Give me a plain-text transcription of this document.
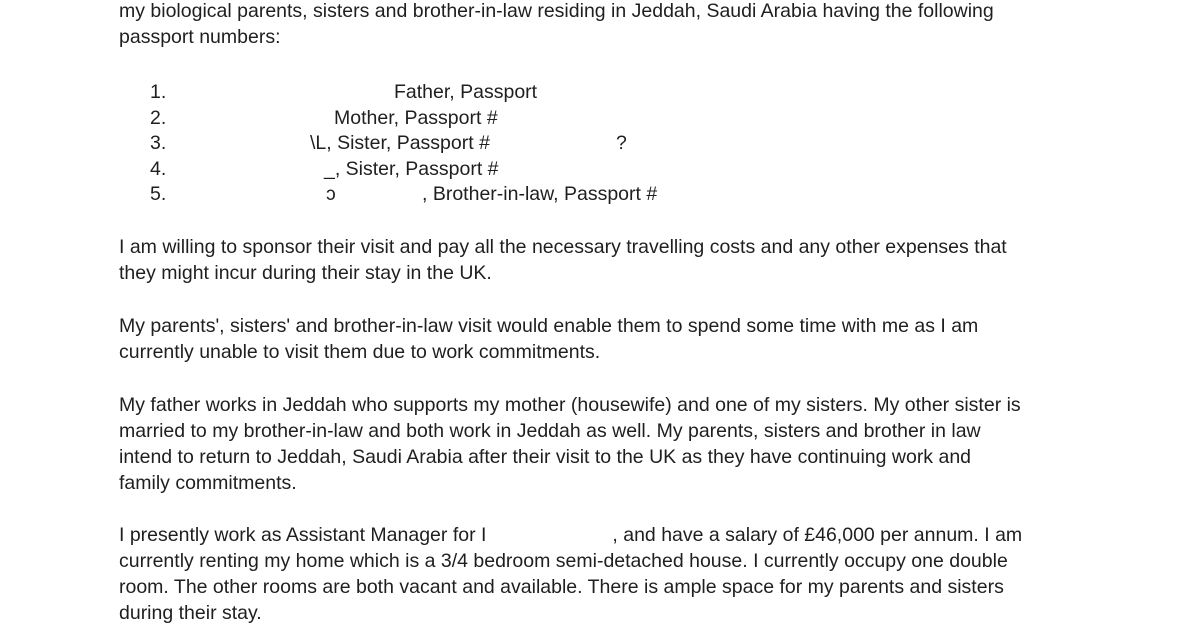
my biological parents, sisters and brother-in-law residing in Jeddah, Saudi Arabia having the following
passport numbers:
1.	Father, Passport
2.	Mother, Passport #
3.	\L, Sister, Passport #	?
4.	_, Sister, Passport #
5.	ɔ	, Brother-in-law, Passport #
I am willing to sponsor their visit and pay all the necessary travelling costs and any other expenses that
they might incur during their stay in the UK.
My parents', sisters' and brother-in-law visit would enable them to spend some time with me as I am
currently unable to visit them due to work commitments.
My father works in Jeddah who supports my mother (housewife) and one of my sisters. My other sister is
married to my brother-in-law and both work in Jeddah as well. My parents, sisters and brother in law
intend to return to Jeddah, Saudi Arabia after their visit to the UK as they have continuing work and
family commitments.
I presently work as Assistant Manager for I	, and have a salary of £46,000 per annum. I am
currently renting my home which is a 3/4 bedroom semi-detached house. I currently occupy one double
room. The other rooms are both vacant and available. There is ample space for my parents and sisters
during their stay.
